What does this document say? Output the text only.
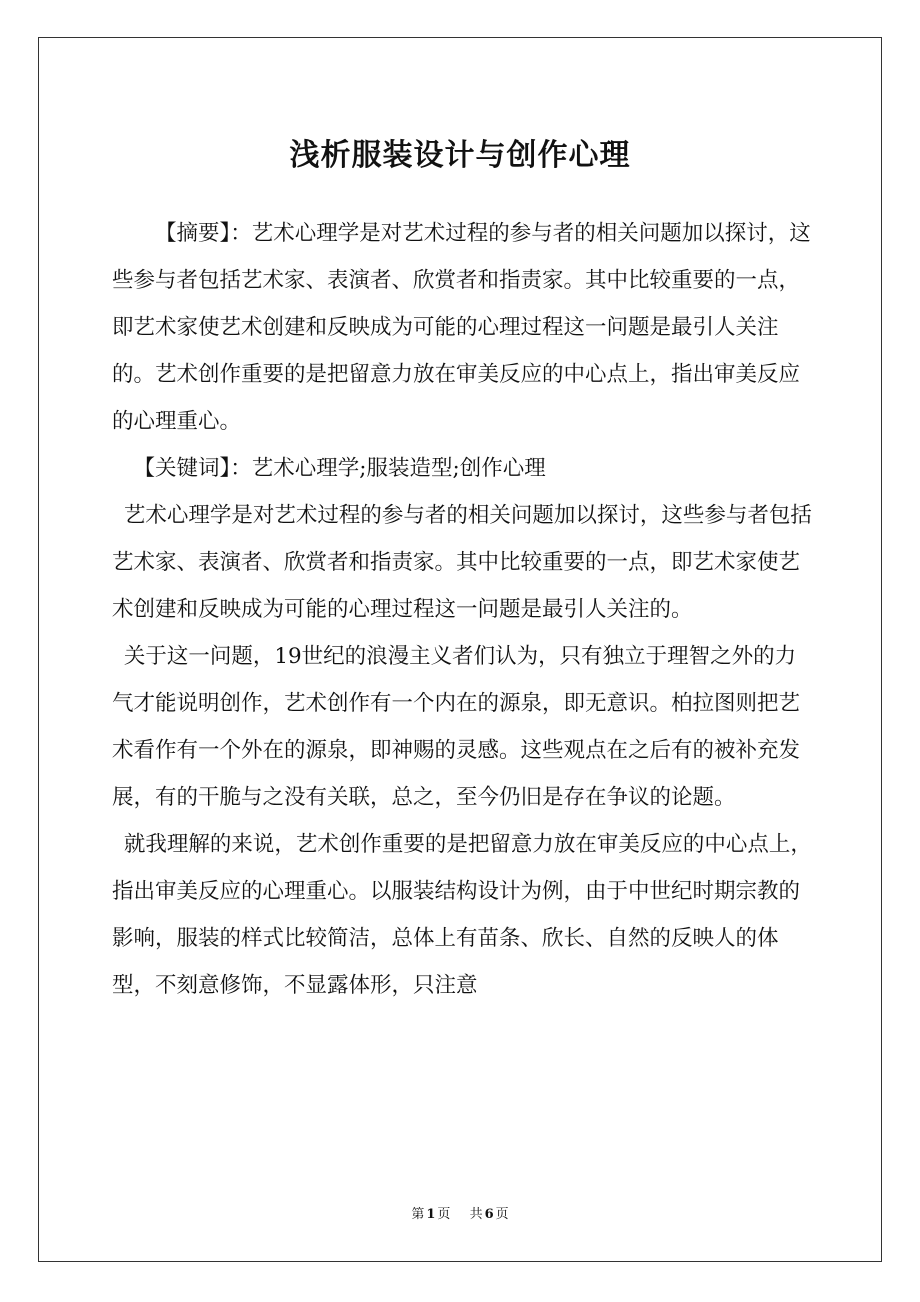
浅析服装设计与创作心理

【摘要】：艺术心理学是对艺术过程的参与者的相关问题加以探讨，这些参与者包括艺术家、表演者、欣赏者和指责家。其中比较重要的一点，即艺术家使艺术创建和反映成为可能的心理过程这一问题是最引人关注的。艺术创作重要的是把留意力放在审美反应的中心点上，指出审美反应的心理重心。

【关键词】：艺术心理学;服装造型;创作心理

艺术心理学是对艺术过程的参与者的相关问题加以探讨，这些参与者包括艺术家、表演者、欣赏者和指责家。其中比较重要的一点，即艺术家使艺术创建和反映成为可能的心理过程这一问题是最引人关注的。

关于这一问题，19世纪的浪漫主义者们认为，只有独立于理智之外的力气才能说明创作，艺术创作有一个内在的源泉，即无意识。柏拉图则把艺术看作有一个外在的源泉，即神赐的灵感。这些观点在之后有的被补充发展，有的干脆与之没有关联，总之，至今仍旧是存在争议的论题。

就我理解的来说，艺术创作重要的是把留意力放在审美反应的中心点上，指出审美反应的心理重心。以服装结构设计为例，由于中世纪时期宗教的影响，服装的样式比较简洁，总体上有苗条、欣长、自然的反映人的体型，不刻意修饰，不显露体形，只注意

第 1 页 共 6 页
